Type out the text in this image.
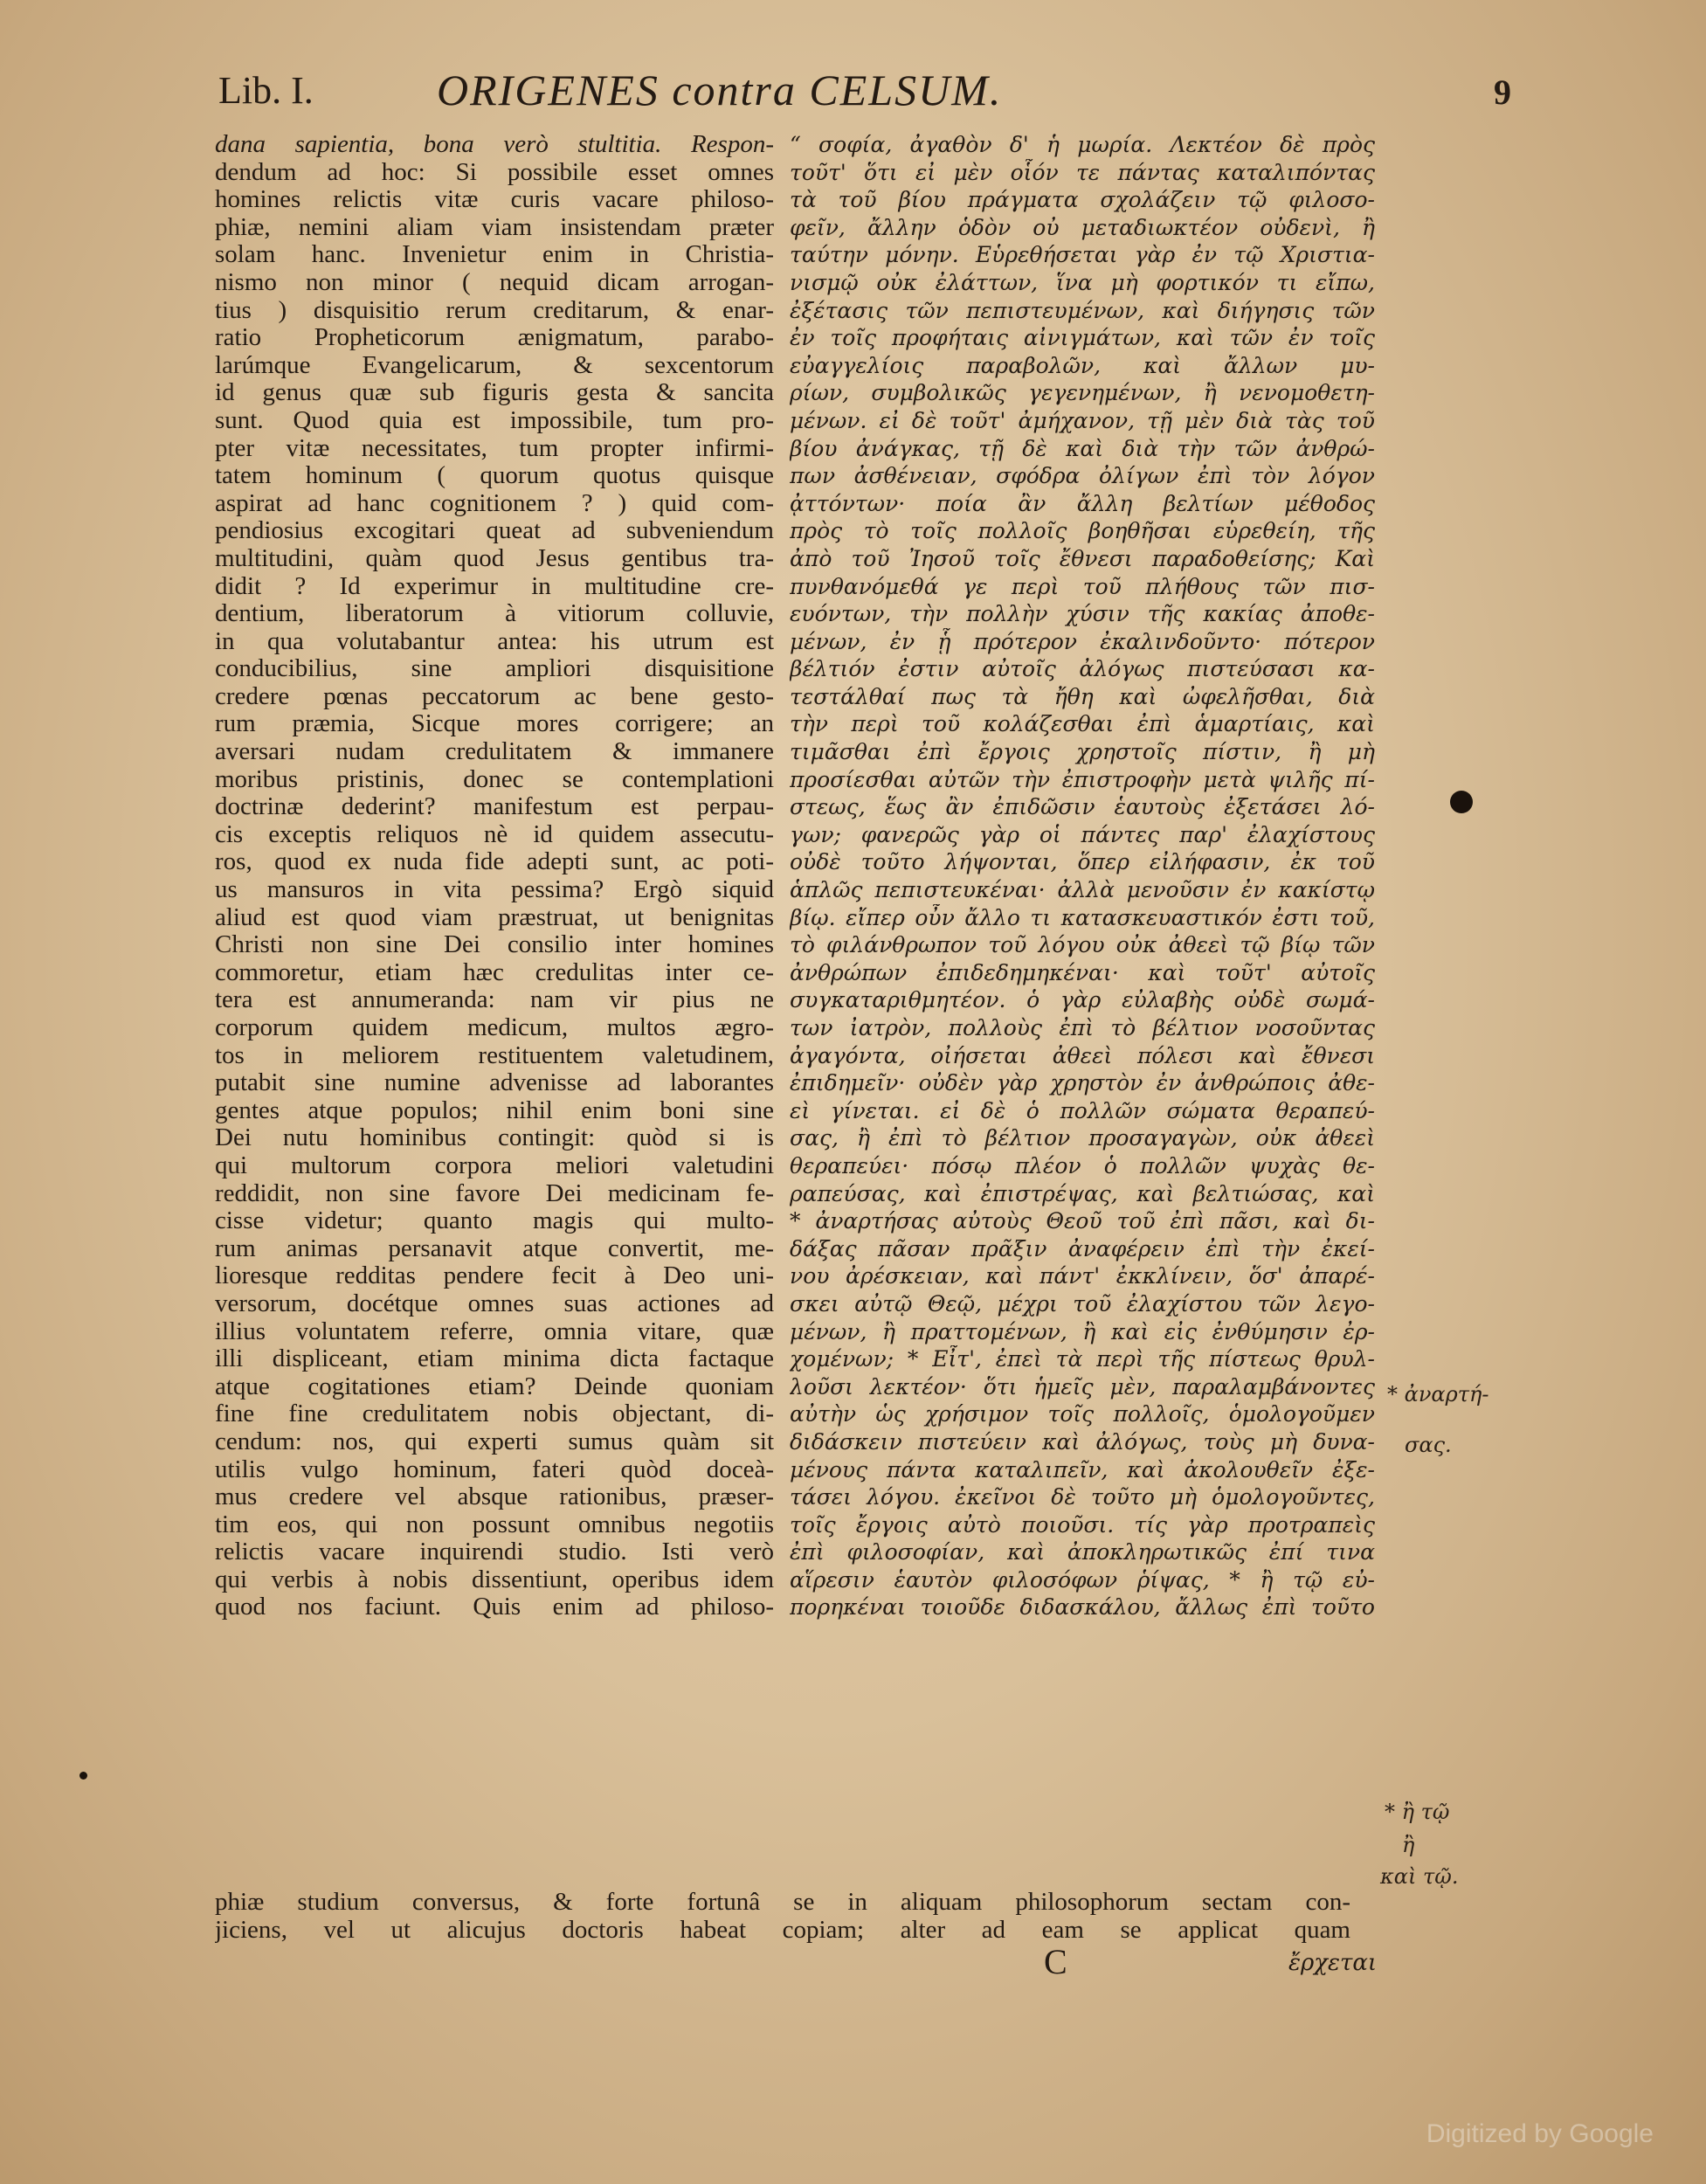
Lib. I.	ORIGENES contra CELSUM.	9
dana sapientia, bona verò stultitia. Respon-
dendum ad hoc: Si possibile esset omnes
homines relictis vitæ curis vacare philoso-
phiæ, nemini aliam viam insistendam præter
solam hanc. Invenietur enim in Christia-
nismo non minor ( nequid dicam arrogan-
tius ) disquisitio rerum creditarum, & enar-
ratio Propheticorum ænigmatum, parabo-
larúmque Evangelicarum, & sexcentorum
id genus quæ sub figuris gesta & sancita
sunt. Quod quia est impossibile, tum pro-
pter vitæ necessitates, tum propter infirmi-
tatem hominum ( quorum quotus quisque
aspirat ad hanc cognitionem ? ) quid com-
pendiosius excogitari queat ad subveniendum
multitudini, quàm quod Jesus gentibus tra-
didit ? Id experimur in multitudine cre-
dentium, liberatorum à vitiorum colluvie,
in qua volutabantur antea: his utrum est
conducibilius, sine ampliori disquisitione
credere pœnas peccatorum ac bene gesto-
rum præmia, Sicque mores corrigere; an
aversari nudam credulitatem & immanere
moribus pristinis, donec se contemplationi
doctrinæ dederint? manifestum est perpau-
cis exceptis reliquos nè id quidem assecutu-
ros, quod ex nuda fide adepti sunt, ac poti-
us mansuros in vita pessima? Ergò siquid
aliud est quod viam præstruat, ut benignitas
Christi non sine Dei consilio inter homines
commoretur, etiam hæc credulitas inter ce-
tera est annumeranda: nam vir pius ne
corporum quidem medicum, multos ægro-
tos in meliorem restituentem valetudinem,
putabit sine numine advenisse ad laborantes
gentes atque populos; nihil enim boni sine
Dei nutu hominibus contingit: quòd si is
qui multorum corpora meliori valetudini
reddidit, non sine favore Dei medicinam fe-
cisse videtur; quanto magis qui multo-
rum animas persanavit atque convertit, me-
lioresque redditas pendere fecit à Deo uni-
versorum, docétque omnes suas actiones ad
illius voluntatem referre, omnia vitare, quæ
illi displiceant, etiam minima dicta factaque
atque cogitationes etiam? Deinde quoniam
fine fine credulitatem nobis objectant, di-
cendum: nos, qui experti sumus quàm sit
utilis vulgo hominum, fateri quòd doceà-
mus credere vel absque rationibus, præser-
tim eos, qui non possunt omnibus negotiis
relictis vacare inquirendi studio. Isti verò
qui verbis à nobis dissentiunt, operibus idem
quod nos faciunt. Quis enim ad philoso-
“ σοφία, ἀγαθὸν δ' ἡ μωρία. Λεκτέον δὲ πρὸς
τοῦτ' ὅτι εἰ μὲν οἷόν τε πάντας καταλιπόντας
τὰ τοῦ βίου πράγματα σχολάζειν τῷ φιλοσο-
φεῖν, ἄλλην ὁδὸν οὐ μεταδιωκτέον οὐδενὶ, ἢ
ταύτην μόνην. Εὑρεθήσεται γὰρ ἐν τῷ Χριστια-
νισμῷ οὐκ ἐλάττων, ἵνα μὴ φορτικόν τι εἴπω,
ἐξέτασις τῶν πεπιστευμένων, καὶ διήγησις τῶν
ἐν τοῖς προφήταις αἰνιγμάτων, καὶ τῶν ἐν τοῖς
εὐαγγελίοις παραβολῶν, καὶ ἄλλων μυ-
ρίων, συμβολικῶς γεγενημένων, ἢ νενομοθετη-
μένων. εἰ δὲ τοῦτ' ἀμήχανον, τῇ μὲν διὰ τὰς τοῦ
βίου ἀνάγκας, τῇ δὲ καὶ διὰ τὴν τῶν ἀνθρώ-
πων ἀσθένειαν, σφόδρα ὀλίγων ἐπὶ τὸν λόγον
ᾀττόντων· ποία ἂν ἄλλη βελτίων μέθοδος
πρὸς τὸ τοῖς πολλοῖς βοηθῆσαι εὑρεθείη, τῆς
ἀπὸ τοῦ Ἰησοῦ τοῖς ἔθνεσι παραδοθείσης; Καὶ
πυνθανόμεθά γε περὶ τοῦ πλήθους τῶν πισ-
ευόντων, τὴν πολλὴν χύσιν τῆς κακίας ἀποθε-
μένων, ἐν ᾗ πρότερον ἐκαλινδοῦντο· πότερον
βέλτιόν ἐστιν αὐτοῖς ἀλόγως πιστεύσασι κα-
τεστάλθαί πως τὰ ἤθη καὶ ὠφελῆσθαι, διὰ
τὴν περὶ τοῦ κολάζεσθαι ἐπὶ ἁμαρτίαις, καὶ
τιμᾶσθαι ἐπὶ ἔργοις χρηστοῖς πίστιν, ἢ μὴ
προσίεσθαι αὐτῶν τὴν ἐπιστροφὴν μετὰ ψιλῆς πί-
στεως, ἕως ἂν ἐπιδῶσιν ἑαυτοὺς ἐξετάσει λό-
γων; φανερῶς γὰρ οἱ πάντες παρ' ἐλαχίστους
οὐδὲ τοῦτο λήψονται, ὅπερ εἰλήφασιν, ἐκ τοῦ
ἁπλῶς πεπιστευκέναι· ἀλλὰ μενοῦσιν ἐν κακίστῳ
βίῳ. εἴπερ οὖν ἄλλο τι κατασκευαστικόν ἐστι τοῦ,
τὸ φιλάνθρωπον τοῦ λόγου οὐκ ἀθεεὶ τῷ βίῳ τῶν
ἀνθρώπων ἐπιδεδημηκέναι· καὶ τοῦτ' αὐτοῖς
συγκαταριθμητέον. ὁ γὰρ εὐλαβὴς οὐδὲ σωμά-
των ἰατρὸν, πολλοὺς ἐπὶ τὸ βέλτιον νοσοῦντας
ἀγαγόντα, οἰήσεται ἀθεεὶ πόλεσι καὶ ἔθνεσι
ἐπιδημεῖν· οὐδὲν γὰρ χρηστὸν ἐν ἀνθρώποις ἀθε-
εὶ γίνεται. εἰ δὲ ὁ πολλῶν σώματα θεραπεύ-
σας, ἢ ἐπὶ τὸ βέλτιον προσαγαγὼν, οὐκ ἀθεεὶ
θεραπεύει· πόσῳ πλέον ὁ πολλῶν ψυχὰς θε-
ραπεύσας, καὶ ἐπιστρέψας, καὶ βελτιώσας, καὶ
* ἀναρτήσας αὐτοὺς Θεοῦ τοῦ ἐπὶ πᾶσι, καὶ δι-
δάξας πᾶσαν πρᾶξιν ἀναφέρειν ἐπὶ τὴν ἐκεί-
νου ἀρέσκειαν, καὶ πάντ' ἐκκλίνειν, ὅσ' ἀπαρέ-
σκει αὐτῷ Θεῷ, μέχρι τοῦ ἐλαχίστου τῶν λεγο-
μένων, ἢ πραττομένων, ἢ καὶ εἰς ἐνθύμησιν ἐρ-
χομένων; * Εἶτ', ἐπεὶ τὰ περὶ τῆς πίστεως θρυλ-
λοῦσι λεκτέον· ὅτι ἡμεῖς μὲν, παραλαμβάνοντες
αὐτὴν ὡς χρήσιμον τοῖς πολλοῖς, ὁμολογοῦμεν
διδάσκειν πιστεύειν καὶ ἀλόγως, τοὺς μὴ δυνα-
μένους πάντα καταλιπεῖν, καὶ ἀκολουθεῖν ἐξε-
τάσει λόγου. ἐκεῖνοι δὲ τοῦτο μὴ ὁμολογοῦντες,
τοῖς ἔργοις αὐτὸ ποιοῦσι. τίς γὰρ προτραπεὶς
ἐπὶ φιλοσοφίαν, καὶ ἀποκληρωτικῶς ἐπί τινα
αἵρεσιν ἑαυτὸν φιλοσόφων ῥίψας, * ἢ τῷ εὐ-
πορηκέναι τοιοῦδε διδασκάλου, ἄλλως ἐπὶ τοῦτο
phiæ studium conversus, & forte fortunâ se in aliquam philosophorum sectam con-
jiciens, vel ut alicujus doctoris habeat copiam; alter ad eam se applicat quam
C	ἔρχεται
* ἀναρτή-
σας.
* ἢ τῷ
ἢ
καὶ τῷ.
Digitized by Google
